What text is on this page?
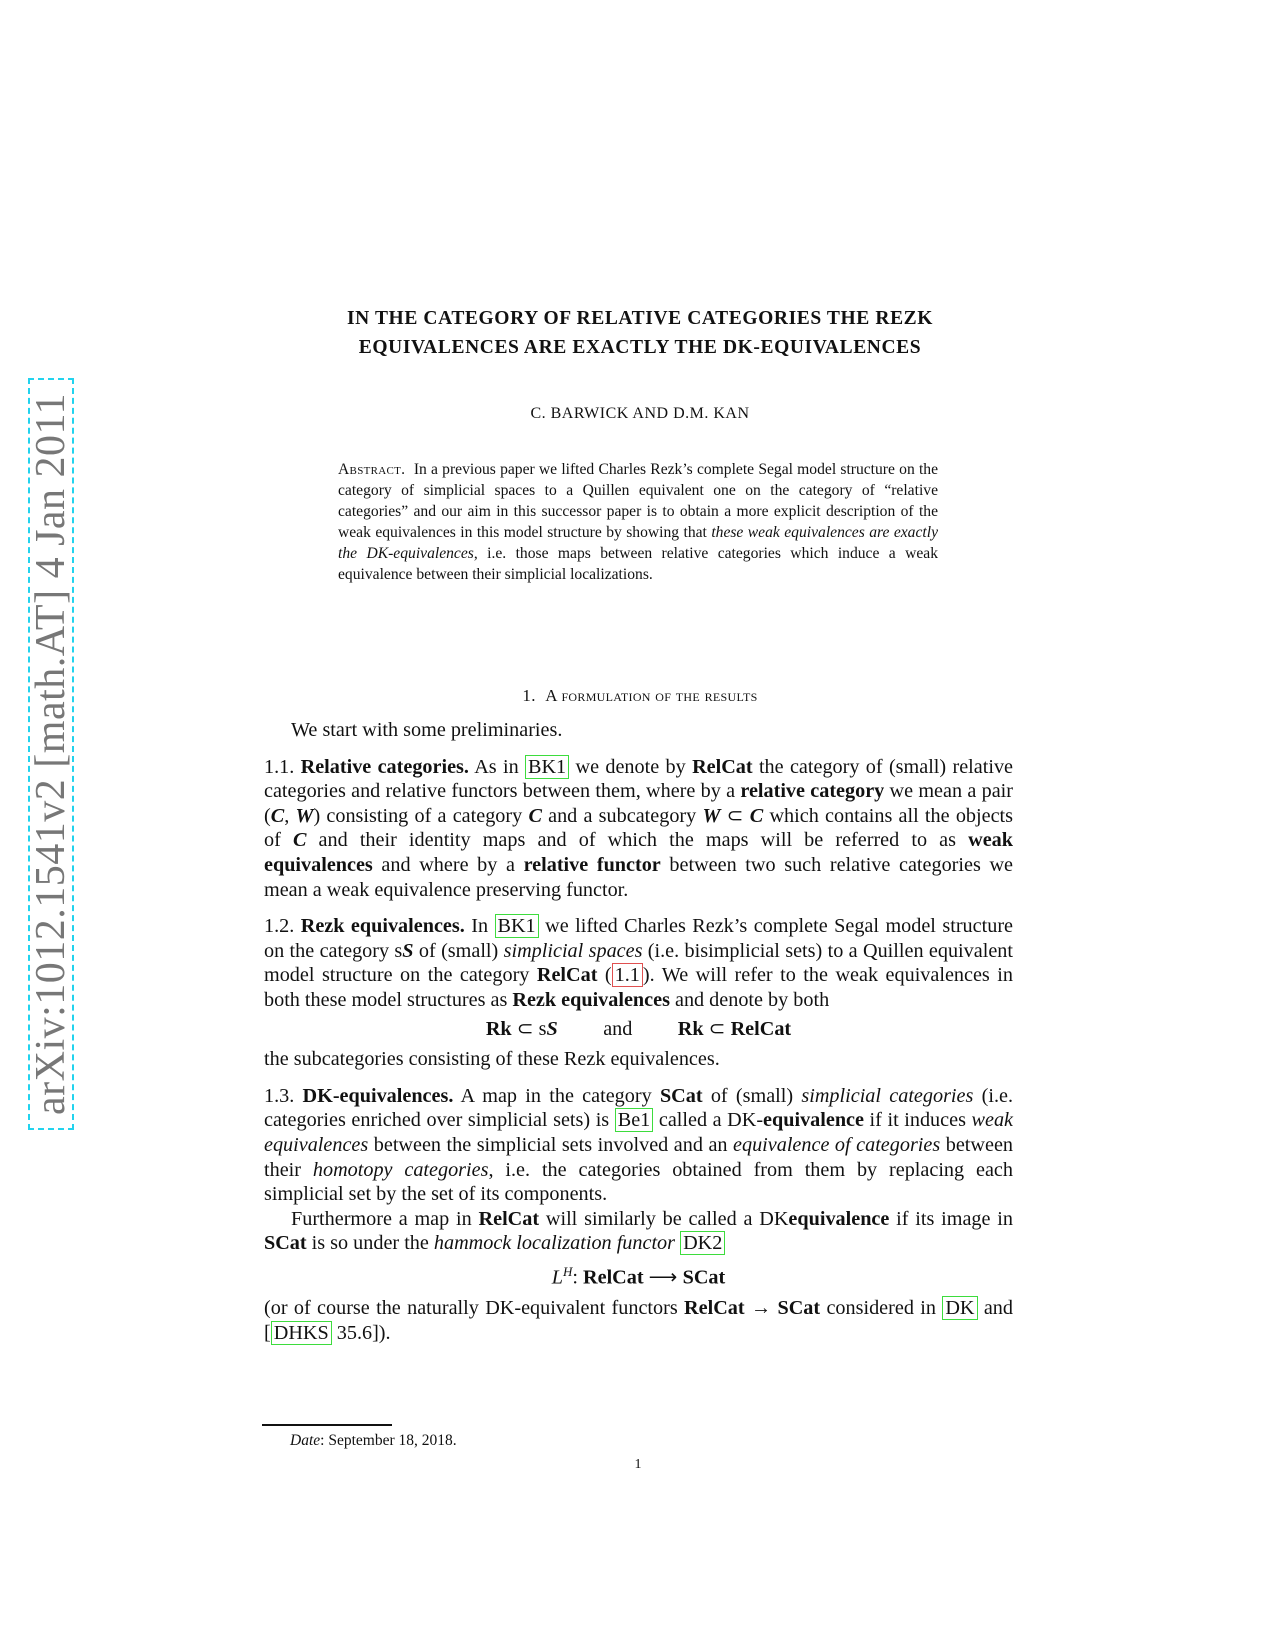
arXiv:1012.1541v2 [math.AT] 4 Jan 2011
IN THE CATEGORY OF RELATIVE CATEGORIES THE REZK
EQUIVALENCES ARE EXACTLY THE DK-EQUIVALENCES
C. BARWICK AND D.M. KAN
Abstract. In a previous paper we lifted Charles Rezk’s complete Segal model structure on the category of simplicial spaces to a Quillen equivalent one on the category of “relative categories” and our aim in this successor paper is to obtain a more explicit description of the weak equivalences in this model structure by showing that these weak equivalences are exactly the DK-equivalences, i.e. those maps between relative categories which induce a weak equivalence between their simplicial localizations.
1. A formulation of the results

We start with some preliminaries.

1.1. Relative categories. As in BK1 we denote by RelCat the category of (small) relative categories and relative functors between them, where by a relative category we mean a pair (C, W) consisting of a category C and a subcategory W ⊂ C which contains all the objects of C and their identity maps and of which the maps will be referred to as weak equivalences and where by a relative functor between two such relative categories we mean a weak equivalence preserving functor.

1.2. Rezk equivalences. In BK1 we lifted Charles Rezk’s complete Segal model structure on the category sS of (small) simplicial spaces (i.e. bisimplicial sets) to a Quillen equivalent model structure on the category RelCat ( 1.1 ). We will refer to the weak equivalences in both these model structures as Rezk equivalences and denote by both

Rk ⊂ sS    and   Rk ⊂ RelCat

the subcategories consisting of these Rezk equivalences.

1.3. DK-equivalences. A map in the category SCat of (small) simplicial categories (i.e. categories enriched over simplicial sets) is Be1 called a DK-equivalence if it induces weak equivalences between the simplicial sets involved and an equivalence of categories between their homotopy categories, i.e. the categories obtained from them by replacing each simplicial set by the set of its components.

Furthermore a map in RelCat will similarly be called a DKequivalence if its image in SCat is so under the hammock localization functor DK2

$L^H$: RelCat ⟶ SCat

(or of course the naturally DK-equivalent functors RelCat → SCat considered in DK and [ DHKS 35.6]).

Date: September 18, 2018.
1
